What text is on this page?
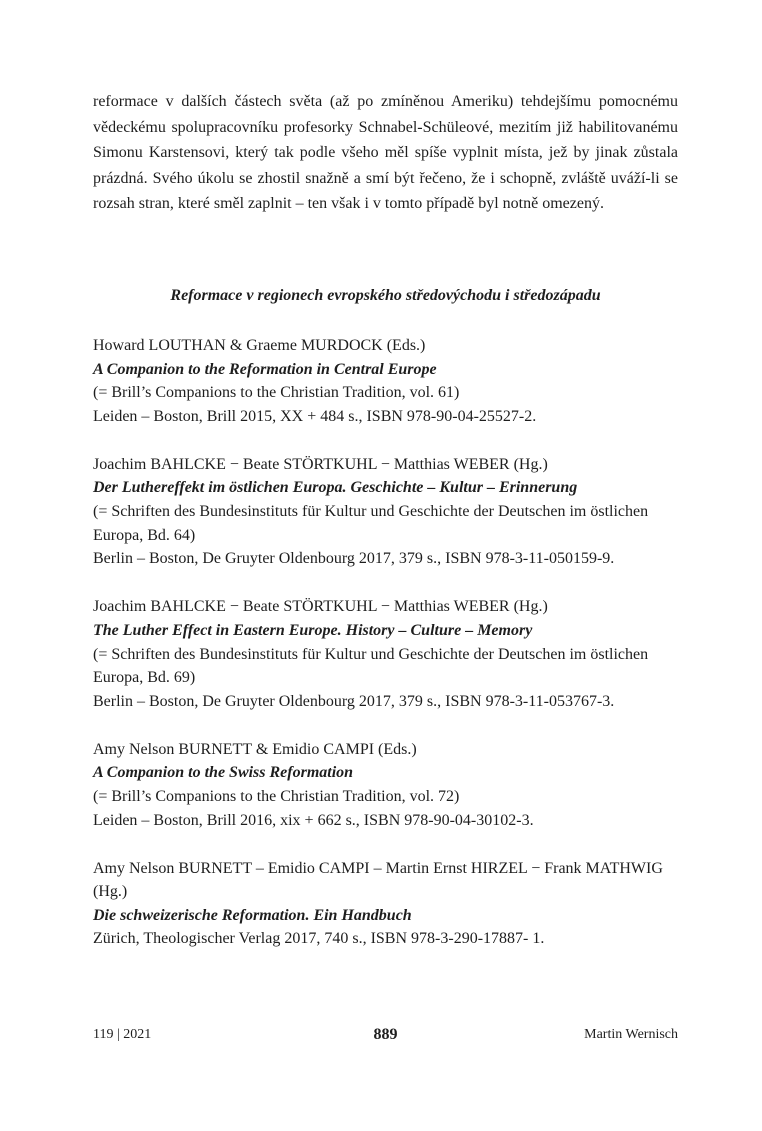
reformace v dalších částech světa (až po zmíněnou Ameriku) tehdejšímu pomocnému vědeckému spolupracovníku profesorky Schnabel-Schüleové, mezitím již habilitovanému Simonu Karstensovi, který tak podle všeho měl spíše vyplnit místa, jež by jinak zůstala prázdná. Svého úkolu se zhostil snažně a smí být řečeno, že i schopně, zvláště uváží-li se rozsah stran, které směl zaplnit – ten však i v tomto případě byl notně omezený.

Reformace v regionech evropského středovýchodu i středozápadu
Howard LOUTHAN & Graeme MURDOCK (Eds.)
A Companion to the Reformation in Central Europe
(= Brill’s Companions to the Christian Tradition, vol. 61)
Leiden – Boston, Brill 2015, XX + 484 s., ISBN 978-90-04-25527-2.
Joachim BAHLCKE − Beate STÖRTKUHL − Matthias WEBER (Hg.)
Der Luthereffekt im östlichen Europa. Geschichte – Kultur – Erinnerung
(= Schriften des Bundesinstituts für Kultur und Geschichte der Deutschen im östlichen Europa, Bd. 64)
Berlin – Boston, De Gruyter Oldenbourg 2017, 379 s., ISBN 978-3-11-050159-9.
Joachim BAHLCKE − Beate STÖRTKUHL − Matthias WEBER (Hg.)
The Luther Effect in Eastern Europe. History – Culture – Memory
(= Schriften des Bundesinstituts für Kultur und Geschichte der Deutschen im östlichen Europa, Bd. 69)
Berlin – Boston, De Gruyter Oldenbourg 2017, 379 s., ISBN 978-3-11-053767-3.
Amy Nelson BURNETT & Emidio CAMPI (Eds.)
A Companion to the Swiss Reformation
(= Brill’s Companions to the Christian Tradition, vol. 72)
Leiden – Boston, Brill 2016, xix + 662 s., ISBN 978-90-04-30102-3.
Amy Nelson BURNETT – Emidio CAMPI – Martin Ernst HIRZEL − Frank MATHWIG (Hg.)
Die schweizerische Reformation. Ein Handbuch
Zürich, Theologischer Verlag 2017, 740 s., ISBN 978-3-290-17887- 1.
119 | 2021	889	Martin Wernisch
